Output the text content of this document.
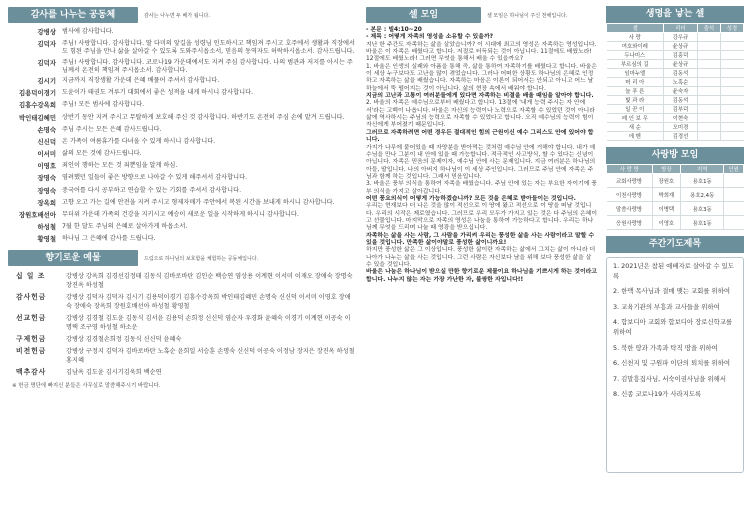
감사를 나누는 공동체	감사는 나누면 두 배가 됩니다.
강병상 범사에 감사합니다.
김덕자 주님! 사랑합니다. 감사합니다. 딸 다미의 앞길을 성령님 인도하시고 책임져 주시고 호주에서 생활과 직장에서도 힘된 주님을 만나 삶을 살아갈 수 있도록 도와주시옵소서, 믿음의 동역자도 허락하시옵소서. 감사드립니다.
김덕자 주님! 사랑합니다. 감사합니다. 코로나19 가운데에서도 지켜 주심 감사합니다. 나의 범관과 저지를 아시는 주님께서 온전히 책임져 주시옵소서. 감사합니다.
김시기 지금까지 직장생활 가운데 은혜 베풀어 주셔서 감사합니다.
김용덕이경기 도윤이가 태권도 겨루기 대회에서 좋은 성적을 내게 하시니 감사합니다.
김흥수강옥희 주님! 모든 범사에 감사합니다.
박인태김혜민 상반기 동안 지켜 주시고 무탈하게 보호해 주신 것 감사합니다. 하반기도 온전히 주심 손에 맡겨 드립니다.
손명숙 주님 주시는 모든 은혜 감사드립니다.
신신덕 온 가족이 여름휴가를 다녀올 수 있게 하시니 감사합니다.
이서미 삶의 모든 것에 감사드립니다.
이영호 죄인이 행하는 모든 것 죄뿐임을 알게 하심.
장명숙 염려했던 일들이 좋은 방향으로 나아갈 수 있게 해주셔서 감사합니다.
장영숙 중국어를 다시 공부하고 연습할 수 있는 기회를 주셔서 감사합니다.
장옥희 고향 오고 가는 길에 안전을 지켜 주시고 형제자매가 주안에서 복된 시간을 보내게 하시니 감사합니다.
장원호배선아 무더위 가운데 가족의 건강을 지키시고 예승이 새로운 일을 시작하게 하시니 감사합니다.
하성철 7월 한 달도 주님의 은혜로 살아가게 하옵소서.
황영철 하나님 그 은혜에 감사를 드립니다.
향기로운 예물	드림으로 하나님의 보호함을 체험하는 공동체입니다.
십 일 조	강병상 강옥희 김경선김정태 김동식 김바로바탄 김인순 백승연 염상용 이계현 이서미 이재오 장애숙 장명숙 장진옥 하성철
감사헌금	강병상 김덕자 김덕자 김시기 김용덕이경기 김흥수강옥희 박인태김혜민 손명숙 신신덕 이서미 이영호 장애숙 장애숙 장옥희 장원호배선아 하성철 황영철
선교헌금	강병상 김경철 김도윤 김동식 김서윤 김용덕 손희정 신신덕 염순자 우경화 윤혜숙 이경기 이계현 이공숙 이명택 조구영 하성철 하소운
구제헌금	강병상 김경철손희정 김동식 신신덕 윤혜숙
비전헌금	강병상 구정지 김덕자 김바로바탄 노혹순 윤희일 서승훈 손명숙 신신덕 이공숙 이정남 장지은 장진옥 하성철 홍지혜
맥추감사	김남옥 김도윤 김시기김욱희 백순연
※ 헌금 명단에 빠지신 분들은 사무실로 말씀해주시기 바랍니다.
셀 모임	셀 모임은 하나님이 주신 천해입니다.
- 본문 : 빌4:10~20
- 제목 : 어떻게 자족의 영성을 소유할 수 있을까?
지난 한 주간도 자족하는 삶을 살았습니까? 이 시대에 최고의 영성은 자족하는 영성입니다. 바울은 이 자족은 배웠다고 합니다. 저절로 터득되는 것이 아닙니다. 11절에도 배웠노라! 12절에도 배웠노라! 그러면 무엇을 통해서 배울 수 있을까요?
1. 바울은 인생의 실패와 아픔을 통해 즉, 삶을 통하여 자족하기를 배웠다고 합니다. 바울은 이 세상 누구보다도 고난을 많이 겪었습니다. 그러나 어떠한 상황도 하나님의 은혜로 인정하고 자족하는 삶을 배웠습니다. 자족하는 마음은 이론이 되어서는 안되고 아니고 어느 날 하늘에서 뚝 떨어지는 것이 아닙니다. 삶의 현장 속에서 배워야 합니다.
지금의 고난과 고통이 여러분들에게 있다면 자족하는 비결을 배울 때임을 알아야 합니다.
2. 바울의 자족은 예수님으로부터 배웠다고 합니다. 13절에 '내게 능력 주시는 자 안에서'라는 고백이 나옵니다. 바울은 자신의 능력이나 노력으로 자족할 수 있었던 것이 아니라 삶에 역사하시는 주님의 능력으로 자족할 수 있었다고 합니다. 오직 예수님의 능력이 힘이 자신에게 부어졌기 때문입니다.
그러므로 자족하려면 어떤 경우든 절대적인 힘의 근원이신 예수 그리스도 안에 있어야 합니다.
가지가 나무에 붙어있을 때 자양분을 받아먹는 것처럼 예수님 안에 거해야 합니다. 내가 예수님을 만나 그분이 내 안에 있을 때 가능합니다. 적극적인 사고방식, 할 수 있다는 신념이 아닙니다. 자족은 믿음의 문제이자, 예수님 안에 사는 문제입니다. 지금 여러분은 하나님의 아들, 딸입니다. 나의 아버지 하나님이 이 세상 주인입니다. 그러므로 주님 안에 자족은 주님과 함께 하는 것입니다. 그래서 믿음입니다.
3. 바울은 풍부 의식을 통하여 자족을 배웠습니다. 주님 안에 있는 자는 부요한 자이기에 풍부 의식을 가지고 살아갑니다.
어떤 풍요의식이 어떻게 가능하겠습니까? 모든 것을 은혜로 받아들이는 것입니다.
우리는 현재보다 더 나은 것을 많이 적선으로 이 땅에 왔고 적선으로 이 땅을 떠날 것입니다. 우리의 시작은 제로였습니다. 그러므로 우리 모두가 가지고 있는 것은 다 주님의 은혜이고 선물입니다. 마지막으로 자족의 영성은 나눔을 통하여 가능하다고 합니다. 우리는 하나님께 무엇을 드리며 나눌 때 영광을 받으십니다.
자족하는 삶을 사는 사람, 그 사람을 가리켜 우리는 풍성한 삶을 사는 사람이라고 말할 수 있을 것입니다. 만족한 삶이야말로 풍성한 삶이니까요!
하지만 풍성한 삶은 그 이상입니다. 풍성한 삶이란 자족하는 삶에서 그치는 삶이 아니라 더 나아가 나누는 삶을 사는 것입니다. 그런 사람은 자신보다 남을 위해 보다 풍성한 삶을 살 수 있을 것입니다.
바울은 나눔은 하나님이 받으실 만한 향기로운 제물이요 하나님을 기쁘시게 하는 것이라고 합니다. 나누지 않는 자는 가장 가난한 자, 불쌍한 자입니다!!
생명을 낳는 셀
셀	리더	출석	성경
사 랑	강우규		
여호와이레	윤상규		
두나미스	김흥덕		
부르심의 길	윤상규		
임마누엘	김동석		
머 리 아	노혹순		
늘 푸 른	윤숙자		
빛 과 라	김동석		
일 꾼 이	김부덕		
레 인 보 우	이현숙		
새 순	오미경		
에 벤	김경선		
사랑방 모임
사 랑 방	방장	지역	인원
교회사랑방	장원호	용호1동	
이천사랑방	박희재	용호2,4동	
말씀사랑방	이병택	용호3동	
응원사랑방	이영호	용호1동	
주간기도제목
1. 2021년은 참된 예배자로 살아갈 수 있도록
2. 한맥 목사님과 결매 맺는 교회를 위하여
3. 교육기관의 부흥과 교사들을 위하여
4. 합보디아 교회와 합보디아 장로신학교를 위하여
5. 북한 땅과 가족과 탁직 땅을 위하여
6. 신천지 및 구원파 이단의 퇴치를 위하여
7. 김말흥집사님, 서숙이권사님을 위해서
8. 신종 코로나19가 사라지도록
